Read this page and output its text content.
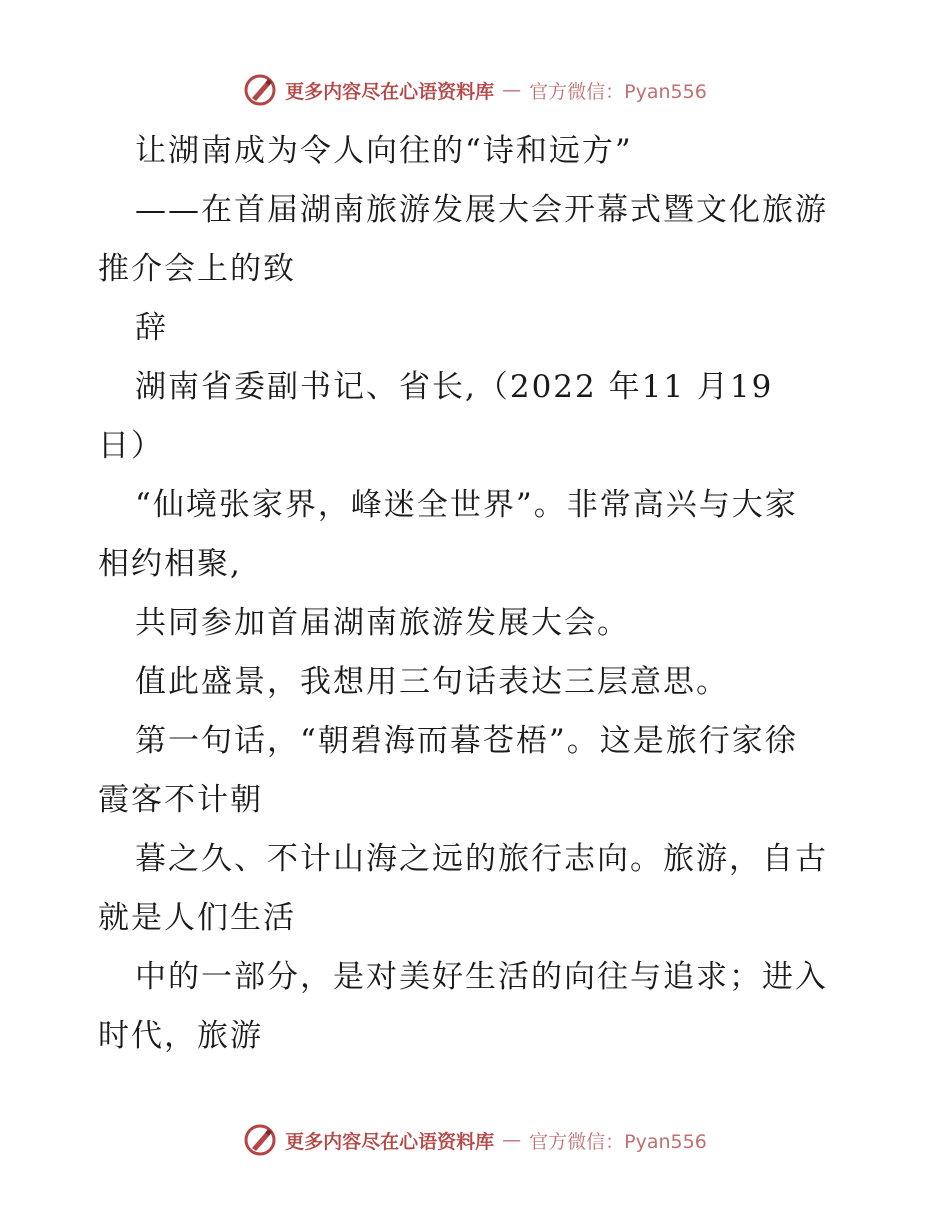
更多内容尽在心语资料库 — 官方微信：Pyan556

让湖南成为令人向往的“诗和远方”

——在首届湖南旅游发展大会开幕式暨文化旅游

推介会上的致

辞

湖南省委副书记、省长,（2022 年11 月19

日）

“仙境张家界，峰迷全世界”。非常高兴与大家

相约相聚,

共同参加首届湖南旅游发展大会。

值此盛景，我想用三句话表达三层意思。

第一句话，“朝碧海而暮苍梧”。这是旅行家徐

霞客不计朝

暮之久、不计山海之远的旅行志向。旅游，自古

就是人们生活

中的一部分，是对美好生活的向往与追求；进入

时代，旅游

更多内容尽在心语资料库 — 官方微信：Pyan556
